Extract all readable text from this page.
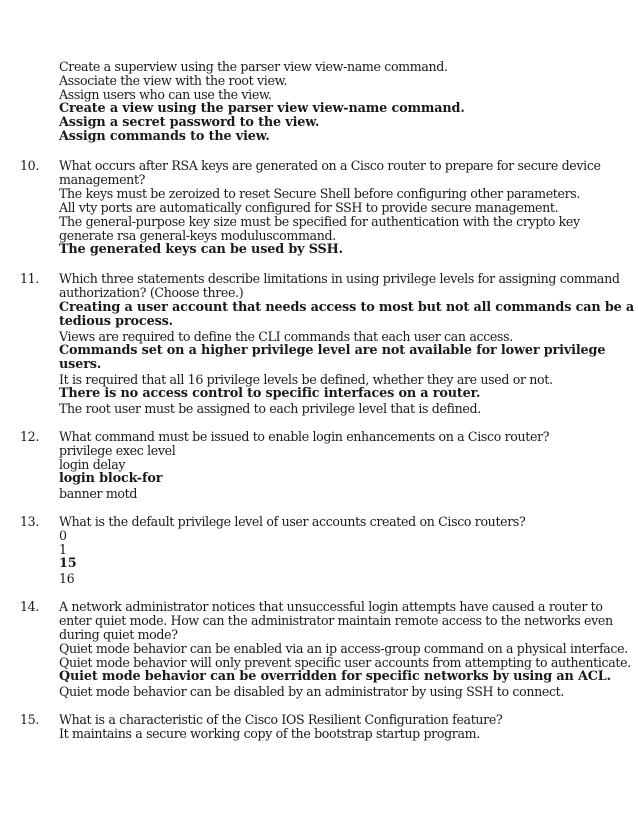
Create a superview using the parser view view-name command.
Associate the view with the root view.
Assign users who can use the view.
Create a view using the parser view view-name command.
Assign a secret password to the view.
Assign commands to the view.
10. What occurs after RSA keys are generated on a Cisco router to prepare for secure device
management?
The keys must be zeroized to reset Secure Shell before configuring other parameters.
All vty ports are automatically configured for SSH to provide secure management.
The general-purpose key size must be specified for authentication with the crypto key
generate rsa general-keys moduluscommand.
The generated keys can be used by SSH.
11. Which three statements describe limitations in using privilege levels for assigning command
authorization? (Choose three.)
Creating a user account that needs access to most but not all commands can be a
tedious process.
Views are required to define the CLI commands that each user can access.
Commands set on a higher privilege level are not available for lower privilege
users.
It is required that all 16 privilege levels be defined, whether they are used or not.
There is no access control to specific interfaces on a router.
The root user must be assigned to each privilege level that is defined.
12. What command must be issued to enable login enhancements on a Cisco router?
privilege exec level
login delay
login block-for
banner motd
13. What is the default privilege level of user accounts created on Cisco routers?
0
1
15
16
14. A network administrator notices that unsuccessful login attempts have caused a router to
enter quiet mode. How can the administrator maintain remote access to the networks even
during quiet mode?
Quiet mode behavior can be enabled via an ip access-group command on a physical interface.
Quiet mode behavior will only prevent specific user accounts from attempting to authenticate.
Quiet mode behavior can be overridden for specific networks by using an ACL.
Quiet mode behavior can be disabled by an administrator by using SSH to connect.
15. What is a characteristic of the Cisco IOS Resilient Configuration feature?
It maintains a secure working copy of the bootstrap startup program.
